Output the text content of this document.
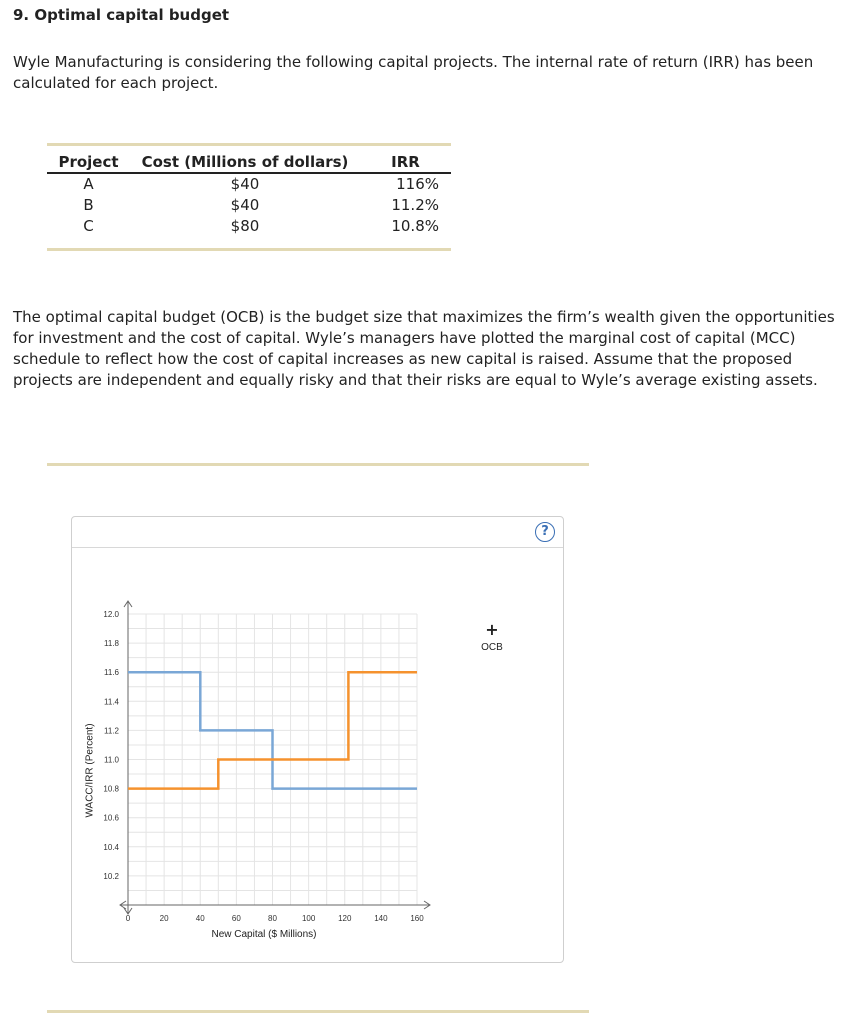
9. Optimal capital budget
Wyle Manufacturing is considering the following capital projects. The internal rate of return (IRR) has been calculated for each project.
Project	Cost (Millions of dollars)	IRR
A	$40	116%
B	$40	11.2%
C	$80	10.8%
The optimal capital budget (OCB) is the budget size that maximizes the firm’s wealth given the opportunities for investment and the cost of capital. Wyle’s managers have plotted the marginal cost of capital (MCC) schedule to reflect how the cost of capital increases as new capital is raised. Assume that the proposed projects are independent and equally risky and that their risks are equal to Wyle’s average existing assets.
?
WACC/IRR (Percent)
0	20	40	60	80	100	120	140	160
10.2
10.4
10.6
10.8
11.0
11.2
11.4
11.6
11.8
12.0
New Capital ($ Millions)
+
OCB
